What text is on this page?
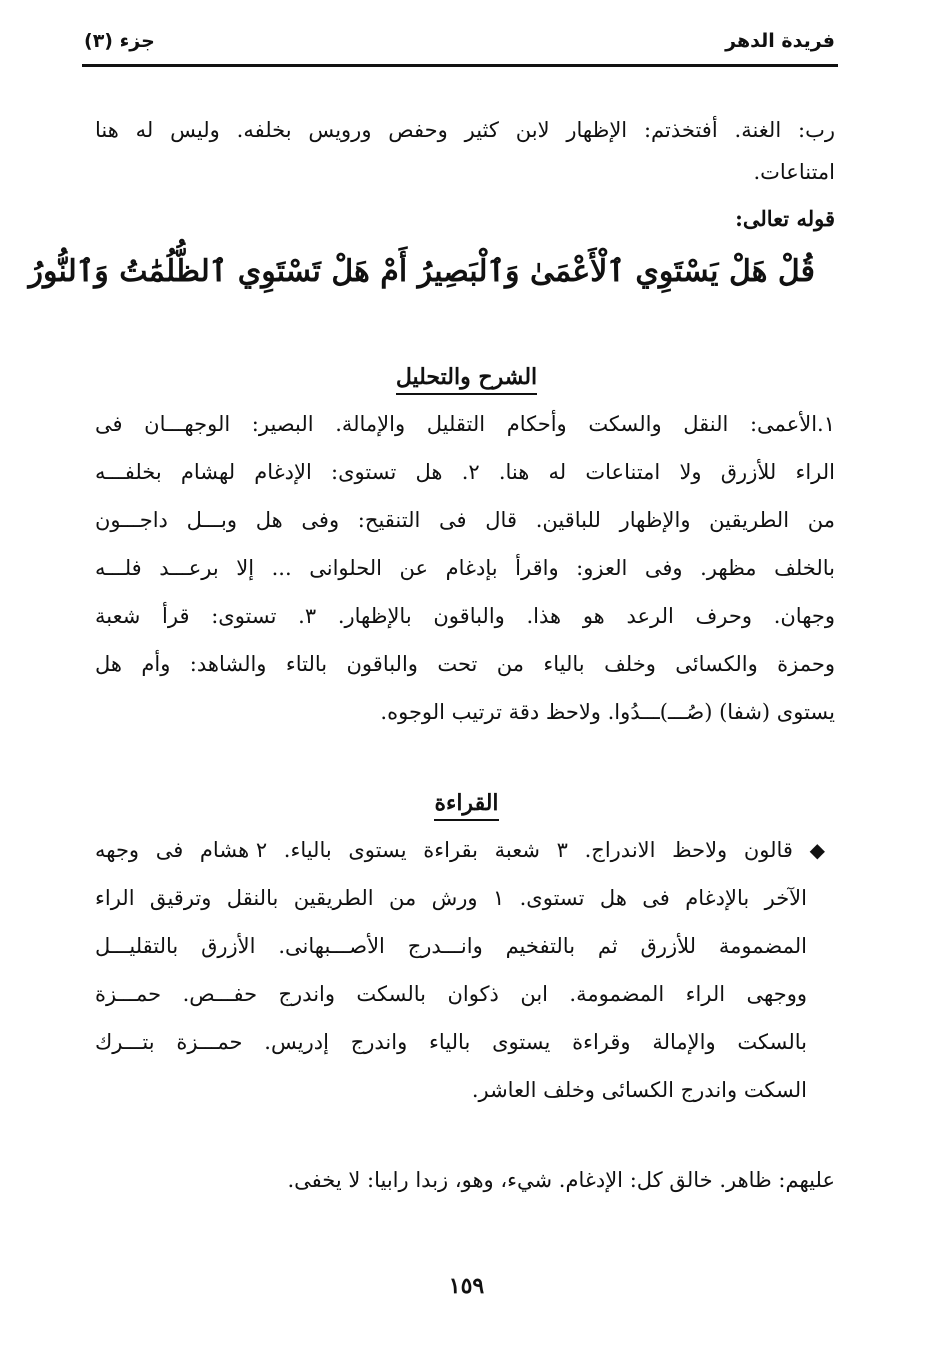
فريدة الدهر
جزء (٣)
رب: الغنة. أفتخذتم: الإظهار لابن كثير وحفص ورويس بخلفه. وليس له هنا
امتناعات.
قوله تعالى:
قُلْ هَلْ يَسْتَوِي ٱلْأَعْمَىٰ وَٱلْبَصِيرُ أَمْ هَلْ تَسْتَوِي ٱلظُّلُمَٰتُ وَٱلنُّورُ
الشرح والتحليل
١.الأعمى: النقل والسكت وأحكام التقليل والإمالة. البصير: الوجهـــان فى
الراء للأزرق ولا امتناعات له هنا. ٢. هل تستوى: الإدغام لهشام بخلفـــه
من الطريقين والإظهار للباقين. قال فى التنقيح: وفى هل وبـــل داجـــون
بالخلف مظهر. وفى العزو: واقرأ بإدغام عن الحلوانى ... إلا برعـــد فلـــه
وجهان. وحرف الرعد هو هذا. والباقون بالإظهار. ٣. تستوى: قرأ شعبة
وحمزة والكسائى وخلف بالياء من تحت والباقون بالتاء والشاهد: وأم هل
يستوى (شفا) (صُـــ)ـــدُوا. ولاحظ دقة ترتيب الوجوه.
القراءة
◆ قالون ولاحظ الاندراج. ٣ شعبة بقراءة يستوى بالياء. ٢ هشام فى وجهه
الآخر بالإدغام فى هل تستوى. ١ ورش من الطريقين بالنقل وترقيق الراء
المضمومة للأزرق ثم بالتفخيم وانـــدرج الأصـــبهانى. الأزرق بالتقليـــل
ووجهى الراء المضمومة. ابن ذكوان بالسكت واندرج حفـــص. حمـــزة
بالسكت والإمالة وقراءة يستوى بالياء واندرج إدريس. حمـــزة بتـــرك
السكت واندرج الكسائى وخلف العاشر.
عليهم: ظاهر. خالق كل: الإدغام. شيء، وهو، زبدا رابيا: لا يخفى.
١٥٩
